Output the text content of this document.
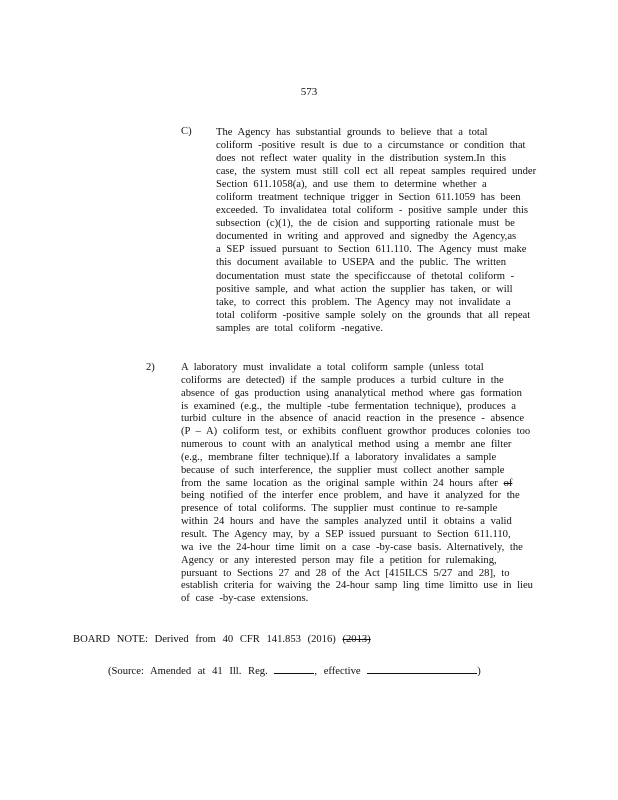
573
C) The Agency has substantial grounds to believe that a total
coliform -positive result is due to a circumstance or condition that
does not reflect water quality in the distribution system.In this
case, the system must still coll ect all repeat samples required under
Section 611.1058(a), and use them to determine whether a
coliform treatment technique trigger in Section 611.1059 has been
exceeded. To invalidatea total coliform - positive sample under this
subsection (c)(1), the de cision and supporting rationale must be
documented in writing and approved and signedby the Agency,as
a SEP issued pursuant to Section 611.110. The Agency must make
this document available to USEPA and the public. The written
documentation must state the specificcause of thetotal coliform -
positive sample, and what action the supplier has taken, or will
take, to correct this problem. The Agency may not invalidate a
total coliform -positive sample solely on the grounds that all repeat
samples are total coliform -negative.
2) A laboratory must invalidate a total coliform sample (unless total
coliforms are detected) if the sample produces a turbid culture in the
absence of gas production using ananalytical method where gas formation
is examined (e.g., the multiple -tube fermentation technique), produces a
turbid culture in the absence of anacid reaction in the presence - absence
(P – A) coliform test, or exhibits confluent growthor produces colonies too
numerous to count with an analytical method using a membr ane filter
(e.g., membrane filter technique).If a laboratory invalidates a sample
because of such interference, the supplier must collect another sample
from the same location as the original sample within 24 hours after of
being notified of the interfer ence problem, and have it analyzed for the
presence of total coliforms. The supplier must continue to re-sample
within 24 hours and have the samples analyzed until it obtains a valid
result. The Agency may, by a SEP issued pursuant to Section 611.110,
wa ive the 24-hour time limit on a case -by-case basis. Alternatively, the
Agency or any interested person may file a petition for rulemaking,
pursuant to Sections 27 and 28 of the Act [415ILCS 5/27 and 28], to
establish criteria for waiving the 24-hour samp ling time limitto use in lieu
of case -by-case extensions.
BOARD NOTE: Derived from 40 CFR 141.853 (2016) (2013)
(Source: Amended at 41 Ill. Reg.	, effective	)
